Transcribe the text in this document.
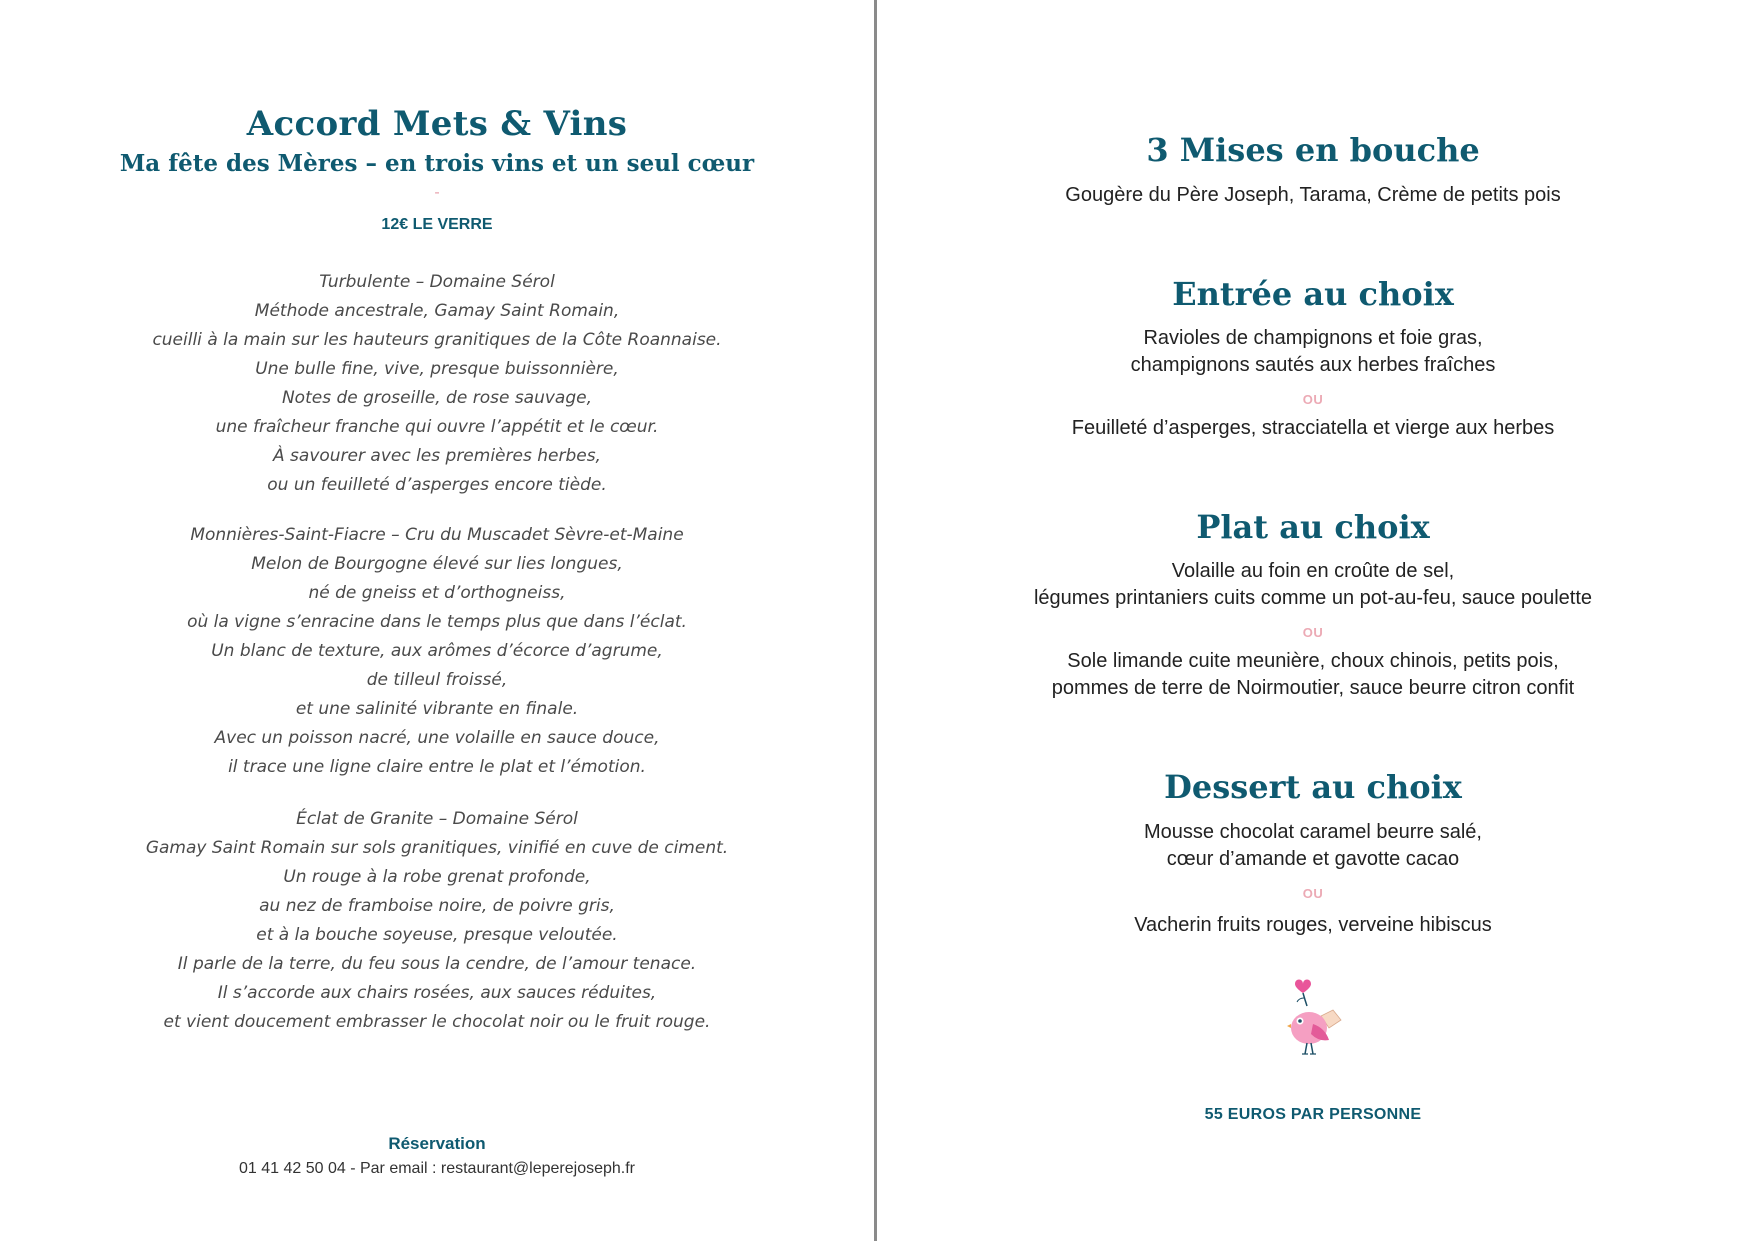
Accord Mets & Vins
Ma fête des Mères – en trois vins et un seul cœur
-
12€ LE VERRE
Turbulente – Domaine Sérol
Méthode ancestrale, Gamay Saint Romain,
cueilli à la main sur les hauteurs granitiques de la Côte Roannaise.
Une bulle fine, vive, presque buissonnière,
Notes de groseille, de rose sauvage,
une fraîcheur franche qui ouvre l’appétit et le cœur.
À savourer avec les premières herbes,
ou un feuilleté d’asperges encore tiède.
Monnières-Saint-Fiacre – Cru du Muscadet Sèvre-et-Maine
Melon de Bourgogne élevé sur lies longues,
né de gneiss et d’orthogneiss,
où la vigne s’enracine dans le temps plus que dans l’éclat.
Un blanc de texture, aux arômes d’écorce d’agrume,
de tilleul froissé,
et une salinité vibrante en finale.
Avec un poisson nacré, une volaille en sauce douce,
il trace une ligne claire entre le plat et l’émotion.
Éclat de Granite – Domaine Sérol
Gamay Saint Romain sur sols granitiques, vinifié en cuve de ciment.
Un rouge à la robe grenat profonde,
au nez de framboise noire, de poivre gris,
et à la bouche soyeuse, presque veloutée.
Il parle de la terre, du feu sous la cendre, de l’amour tenace.
Il s’accorde aux chairs rosées, aux sauces réduites,
et vient doucement embrasser le chocolat noir ou le fruit rouge.
Réservation
01 41 42 50 04 - Par email : restaurant@leperejoseph.fr
3 Mises en bouche
Gougère du Père Joseph, Tarama, Crème de petits pois
Entrée au choix
Ravioles de champignons et foie gras,
champignons sautés aux herbes fraîches
OU
Feuilleté d’asperges, stracciatella et vierge aux herbes
Plat au choix
Volaille au foin en croûte de sel,
légumes printaniers cuits comme un pot-au-feu, sauce poulette
OU
Sole limande cuite meunière, choux chinois, petits pois,
pommes de terre de Noirmoutier, sauce beurre citron confit
Dessert au choix
Mousse chocolat caramel beurre salé,
cœur d’amande et gavotte cacao
OU
Vacherin fruits rouges, verveine hibiscus
55 EUROS PAR PERSONNE
